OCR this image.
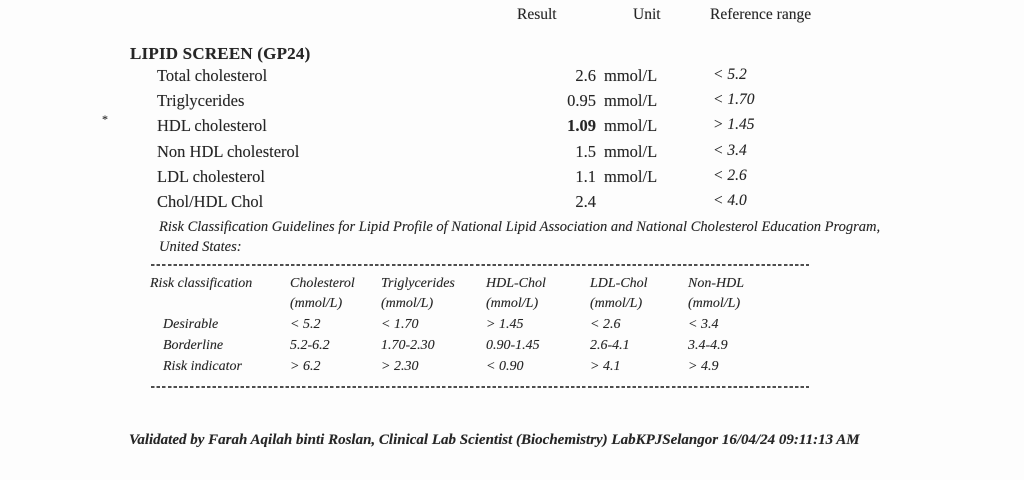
Result	Unit	Reference range
LIPID SCREEN (GP24)
Total cholesterol	2.6 mmol/L	< 5.2
Triglycerides	0.95 mmol/L	< 1.70
*	HDL cholesterol	1.09 mmol/L	> 1.45
Non HDL cholesterol	1.5 mmol/L	< 3.4
LDL cholesterol	1.1 mmol/L	< 2.6
Chol/HDL Chol	2.4	< 4.0
Risk Classification Guidelines for Lipid Profile of National Lipid Association and National Cholesterol Education Program,
United States:
Risk classification	Cholesterol	Triglycerides	HDL-Chol	LDL-Chol	Non-HDL
(mmol/L)	(mmol/L)	(mmol/L)	(mmol/L)	(mmol/L)
Desirable	< 5.2	< 1.70	> 1.45	< 2.6	< 3.4
Borderline	5.2-6.2	1.70-2.30	0.90-1.45	2.6-4.1	3.4-4.9
Risk indicator	> 6.2	> 2.30	< 0.90	> 4.1	> 4.9
Validated by Farah Aqilah binti Roslan, Clinical Lab Scientist (Biochemistry) LabKPJSelangor 16/04/24 09:11:13 AM
